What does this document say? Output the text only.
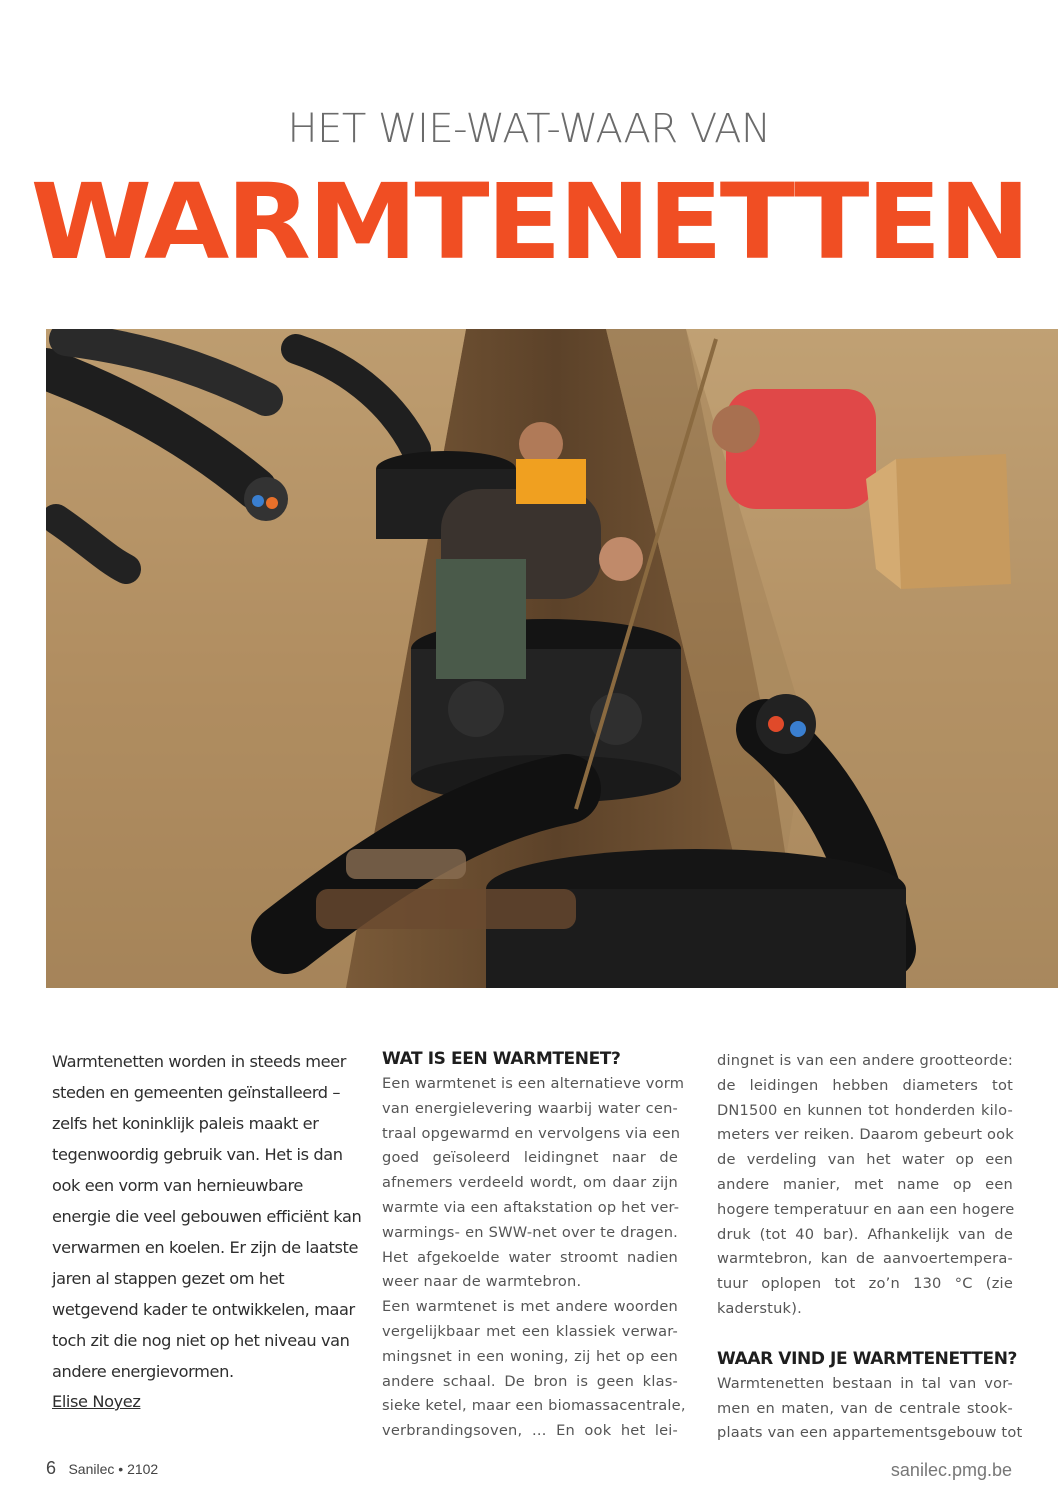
HET WIE-WAT-WAAR VAN
WARMTENETTEN
Warmtenetten worden in steeds meer
steden en gemeenten geïnstalleerd –
zelfs het koninklijk paleis maakt er
tegenwoordig gebruik van. Het is dan
ook een vorm van hernieuwbare
energie die veel gebouwen efficiënt kan
verwarmen en koelen. Er zijn de laatste
jaren al stappen gezet om het
wetgevend kader te ontwikkelen, maar
toch zit die nog niet op het niveau van
andere energievormen.
Elise Noyez
WAT IS EEN WARMTENET?
Een warmtenet is een alternatieve vorm
van energielevering waarbij water cen-
traal opgewarmd en vervolgens via een
goed geïsoleerd leidingnet naar de
afnemers verdeeld wordt, om daar zijn
warmte via een aftakstation op het ver-
warmings- en SWW-net over te dragen.
Het afgekoelde water stroomt nadien
weer naar de warmtebron.
Een warmtenet is met andere woorden
vergelijkbaar met een klassiek verwar-
mingsnet in een woning, zij het op een
andere schaal. De bron is geen klas-
sieke ketel, maar een biomassacentrale,
verbrandingsoven, … En ook het lei-
dingnet is van een andere grootteorde:
de leidingen hebben diameters tot
DN1500 en kunnen tot honderden kilo-
meters ver reiken. Daarom gebeurt ook
de verdeling van het water op een
andere manier, met name op een
hogere temperatuur en aan een hogere
druk (tot 40 bar). Afhankelijk van de
warmtebron, kan de aanvoertempera-
tuur oplopen tot zo’n 130 °C (zie
kaderstuk).
WAAR VIND JE WARMTENETTEN?
Warmtenetten bestaan in tal van vor-
men en maten, van de centrale stook-
plaats van een appartementsgebouw tot
6 Sanilec • 2102	sanilec.pmg.be
